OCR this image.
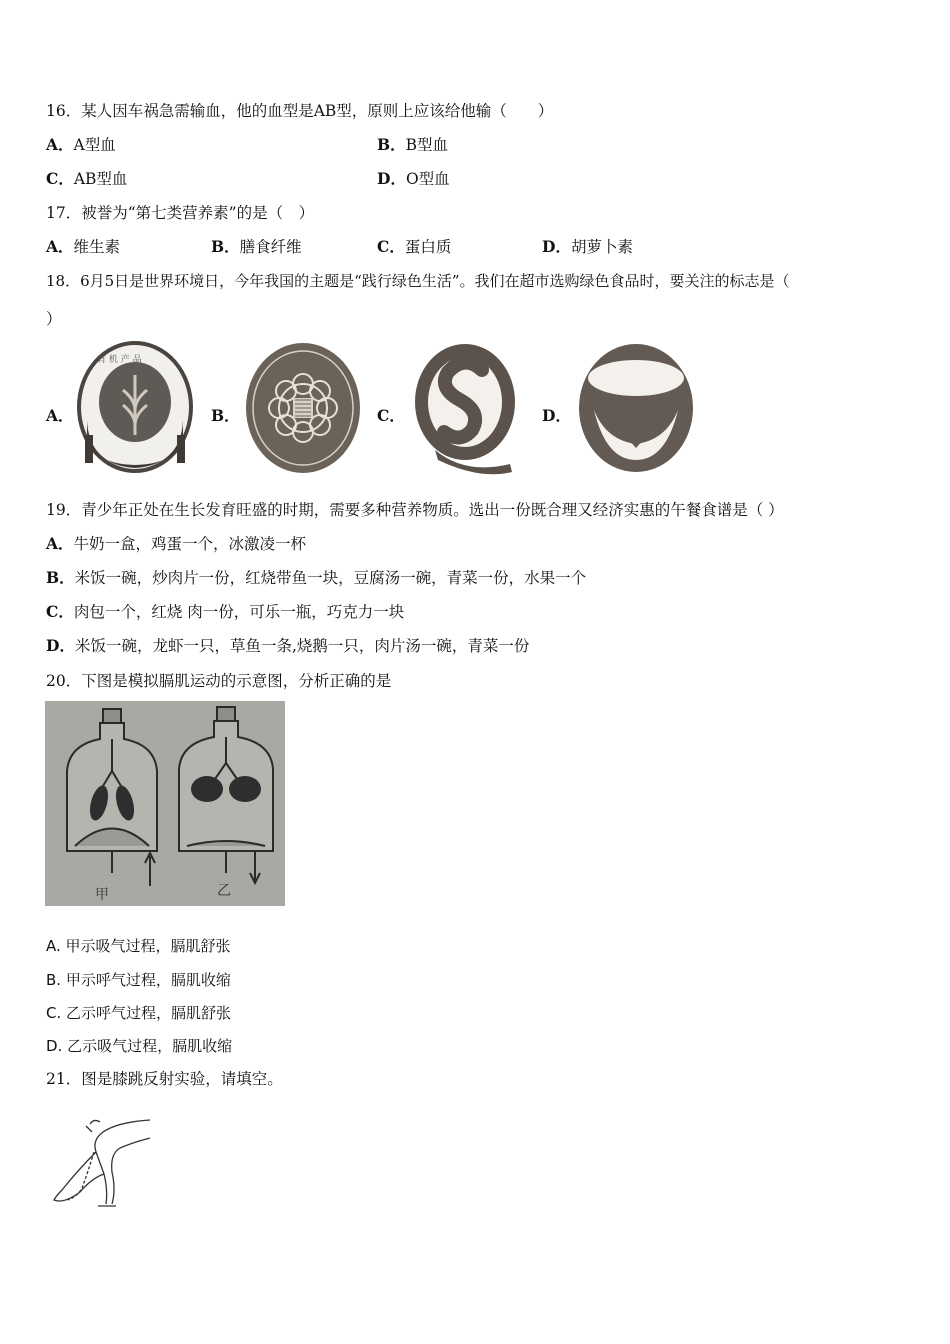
16．某人因车祸急需输血，他的血型是AB型，原则上应该给他输（　　）
A．A型血	B．B型血
C．AB型血	D．O型血
17．被誉为“第七类营养素”的是（　）
A．维生素	B．膳食纤维	C．蛋白质	D．胡萝卜素
18．6月5日是世界环境日，今年我国的主题是“践行绿色生活”。我们在超市选购绿色食品时，要关注的标志是（
）
A．
有 机 产 品
B．	C．	D．
19．青少年正处在生长发育旺盛的时期，需要多种营养物质。选出一份既合理又经济实惠的午餐食谱是（ ）
A．牛奶一盒，鸡蛋一个，冰激凌一杯
B．米饭一碗，炒肉片一份，红烧带鱼一块，豆腐汤一碗，青菜一份，水果一个
C．肉包一个，红烧 肉一份，可乐一瓶，巧克力一块
D．米饭一碗，龙虾一只，草鱼一条,烧鹅一只，肉片汤一碗，青菜一份
20．下图是模拟膈肌运动的示意图，分析正确的是
甲	乙
A. 甲示吸气过程，膈肌舒张
B. 甲示呼气过程，膈肌收缩
C. 乙示呼气过程，膈肌舒张
D. 乙示吸气过程，膈肌收缩
21．图是膝跳反射实验，请填空。
